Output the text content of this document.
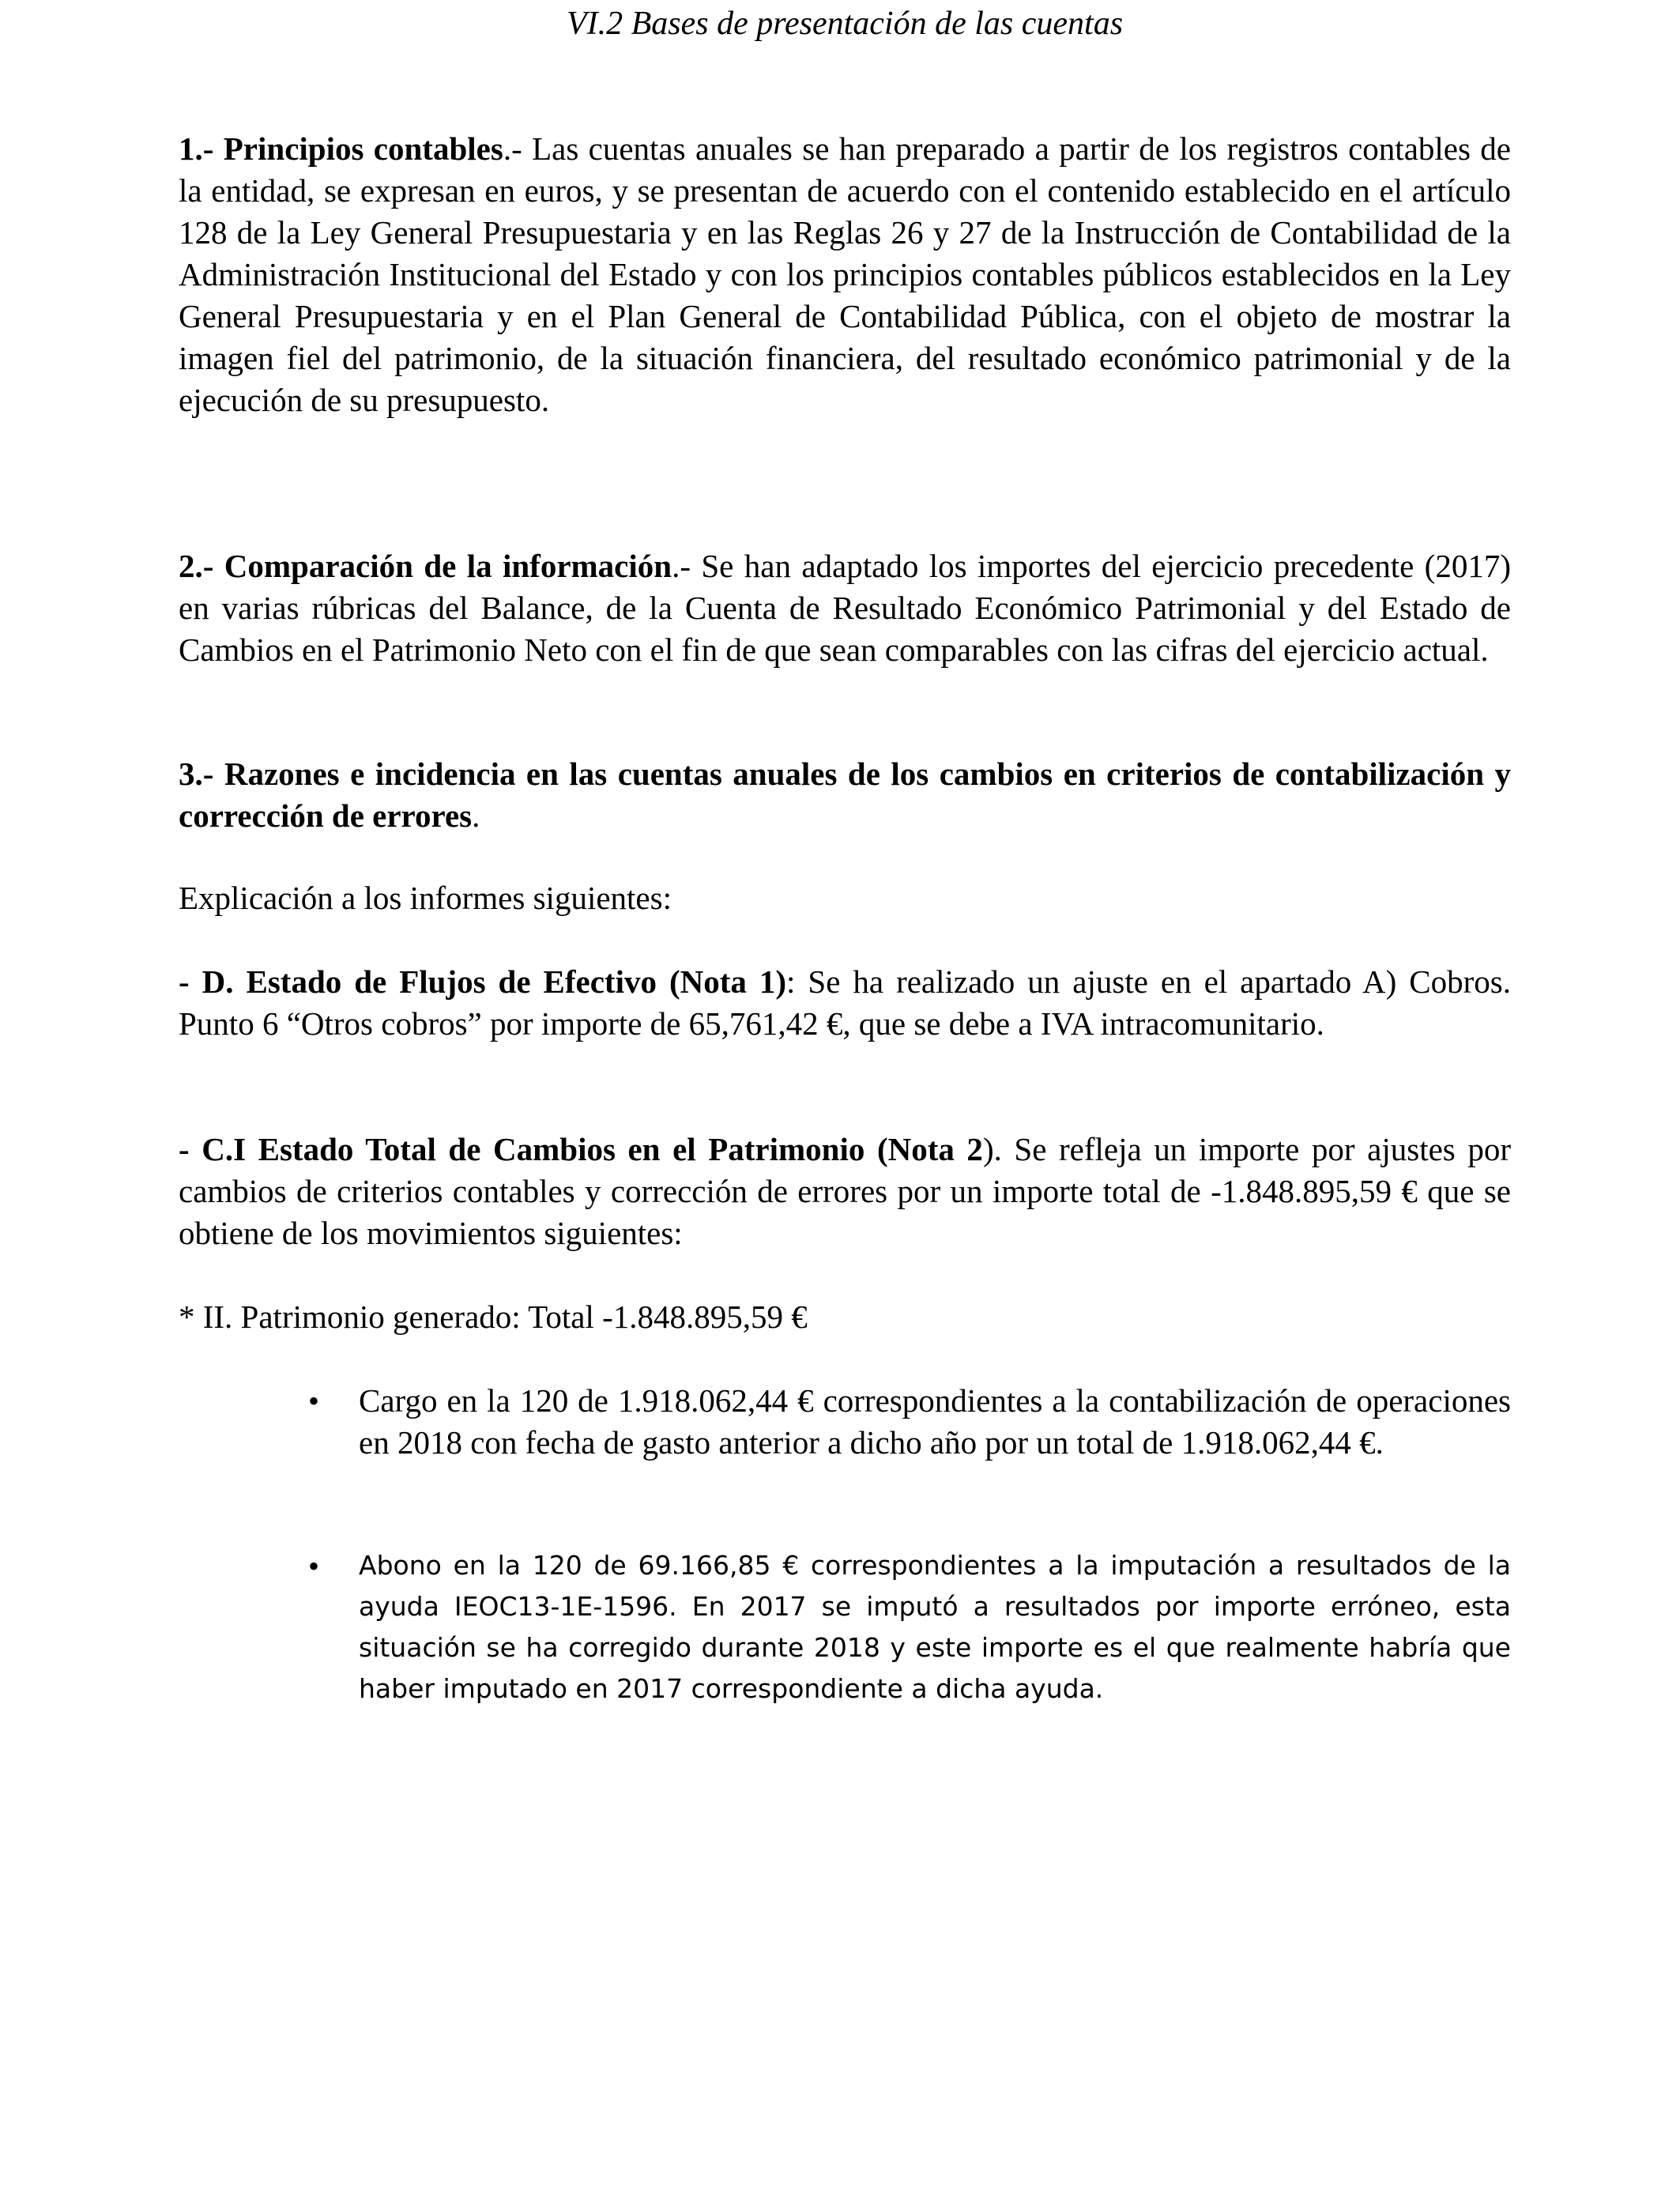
VI.2 Bases de presentación de las cuentas

1.- Principios contables.- Las cuentas anuales se han preparado a partir de los registros contables de la entidad, se expresan en euros, y se presentan de acuerdo con el contenido establecido en el artículo 128 de la Ley General Presupuestaria y en las Reglas 26 y 27 de la Instrucción de Contabilidad de la Administración Institucional del Estado y con los principios contables públicos establecidos en la Ley General Presupuestaria y en el Plan General de Contabilidad Pública, con el objeto de mostrar la imagen fiel del patrimonio, de la situación financiera, del resultado económico patrimonial y de la ejecución de su presupuesto.

2.- Comparación de la información.- Se han adaptado los importes del ejercicio precedente (2017) en varias rúbricas del Balance, de la Cuenta de Resultado Económico Patrimonial y del Estado de Cambios en el Patrimonio Neto con el fin de que sean comparables con las cifras del ejercicio actual.

3.- Razones e incidencia en las cuentas anuales de los cambios en criterios de contabilización y corrección de errores.

Explicación a los informes siguientes:

- D. Estado de Flujos de Efectivo (Nota 1): Se ha realizado un ajuste en el apartado A) Cobros. Punto 6 “Otros cobros” por importe de 65,761,42 €, que se debe a IVA intracomunitario.

- C.I Estado Total de Cambios en el Patrimonio (Nota 2). Se refleja un importe por ajustes por cambios de criterios contables y corrección de errores por un importe total de -1.848.895,59 € que se obtiene de los movimientos siguientes:

* II. Patrimonio generado: Total -1.848.895,59 €

• Cargo en la 120 de 1.918.062,44 € correspondientes a la contabilización de operaciones en 2018 con fecha de gasto anterior a dicho año por un total de 1.918.062,44 €.

• Abono en la 120 de 69.166,85 € correspondientes a la imputación a resultados de la ayuda IEOC13-1E-1596. En 2017 se imputó a resultados por importe erróneo, esta situación se ha corregido durante 2018 y este importe es el que realmente habría que haber imputado en 2017 correspondiente a dicha ayuda.
